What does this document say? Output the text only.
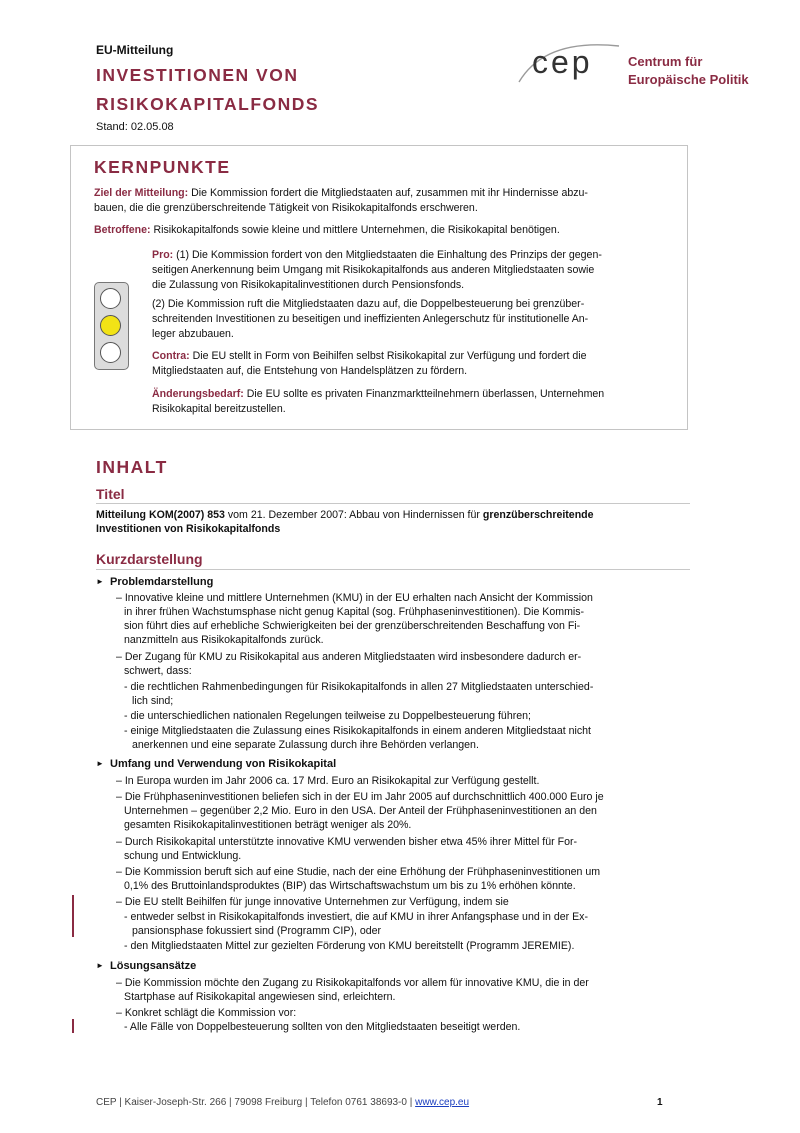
EU-Mitteilung
INVESTITIONEN VON
RISIKOKAPITALFONDS
Stand: 02.05.08
cep	Centrum für
Europäische Politik
KERNPUNKTE
Ziel der Mitteilung: Die Kommission fordert die Mitgliedstaaten auf, zusammen mit ihr Hindernisse abzu-
bauen, die die grenzüberschreitende Tätigkeit von Risikokapitalfonds erschweren.
Betroffene: Risikokapitalfonds sowie kleine und mittlere Unternehmen, die Risikokapital benötigen.
Pro: (1) Die Kommission fordert von den Mitgliedstaaten die Einhaltung des Prinzips der gegen-
seitigen Anerkennung beim Umgang mit Risikokapitalfonds aus anderen Mitgliedstaaten sowie
die Zulassung von Risikokapitalinvestitionen durch Pensionsfonds.
(2) Die Kommission ruft die Mitgliedstaaten dazu auf, die Doppelbesteuerung bei grenzüber-
schreitenden Investitionen zu beseitigen und ineffizienten Anlegerschutz für institutionelle An-
leger abzubauen.
Contra: Die EU stellt in Form von Beihilfen selbst Risikokapital zur Verfügung und fordert die
Mitgliedstaaten auf, die Entstehung von Handelsplätzen zu fördern.
Änderungsbedarf: Die EU sollte es privaten Finanzmarktteilnehmern überlassen, Unternehmen
Risikokapital bereitzustellen.
INHALT
Titel
Mitteilung KOM(2007) 853 vom 21. Dezember 2007: Abbau von Hindernissen für grenzüberschreitende
Investitionen von Risikokapitalfonds
Kurzdarstellung
► Problemdarstellung
► Umfang und Verwendung von Risikokapital
► Lösungsansätze
– Innovative kleine und mittlere Unternehmen (KMU) in der EU erhalten nach Ansicht der Kommission
in ihrer frühen Wachstumsphase nicht genug Kapital (sog. Frühphaseninvestitionen). Die Kommis-
sion führt dies auf erhebliche Schwierigkeiten bei der grenzüberschreitenden Beschaffung von Fi-
nanzmitteln aus Risikokapitalfonds zurück.
– Der Zugang für KMU zu Risikokapital aus anderen Mitgliedstaaten wird insbesondere dadurch er-
schwert, dass:
- die rechtlichen Rahmenbedingungen für Risikokapitalfonds in allen 27 Mitgliedstaaten unterschied-
lich sind;
- die unterschiedlichen nationalen Regelungen teilweise zu Doppelbesteuerung führen;
- einige Mitgliedstaaten die Zulassung eines Risikokapitalfonds in einem anderen Mitgliedstaat nicht
anerkennen und eine separate Zulassung durch ihre Behörden verlangen.
– In Europa wurden im Jahr 2006 ca. 17 Mrd. Euro an Risikokapital zur Verfügung gestellt.
– Die Frühphaseninvestitionen beliefen sich in der EU im Jahr 2005 auf durchschnittlich 400.000 Euro je
Unternehmen – gegenüber 2,2 Mio. Euro in den USA. Der Anteil der Frühphaseninvestitionen an den
gesamten Risikokapitalinvestitionen beträgt weniger als 20%.
– Durch Risikokapital unterstützte innovative KMU verwenden bisher etwa 45% ihrer Mittel für For-
schung und Entwicklung.
– Die Kommission beruft sich auf eine Studie, nach der eine Erhöhung der Frühphaseninvestitionen um
0,1% des Bruttoinlandsproduktes (BIP) das Wirtschaftswachstum um bis zu 1% erhöhen könnte.
– Die EU stellt Beihilfen für junge innovative Unternehmen zur Verfügung, indem sie
- entweder selbst in Risikokapitalfonds investiert, die auf KMU in ihrer Anfangsphase und in der Ex-
pansionsphase fokussiert sind (Programm CIP), oder
- den Mitgliedstaaten Mittel zur gezielten Förderung von KMU bereitstellt (Programm JEREMIE).
– Die Kommission möchte den Zugang zu Risikokapitalfonds vor allem für innovative KMU, die in der
Startphase auf Risikokapital angewiesen sind, erleichtern.
– Konkret schlägt die Kommission vor:
- Alle Fälle von Doppelbesteuerung sollten von den Mitgliedstaaten beseitigt werden.
CEP | Kaiser-Joseph-Str. 266 | 79098 Freiburg | Telefon 0761 38693-0 | www.cep.eu	1
